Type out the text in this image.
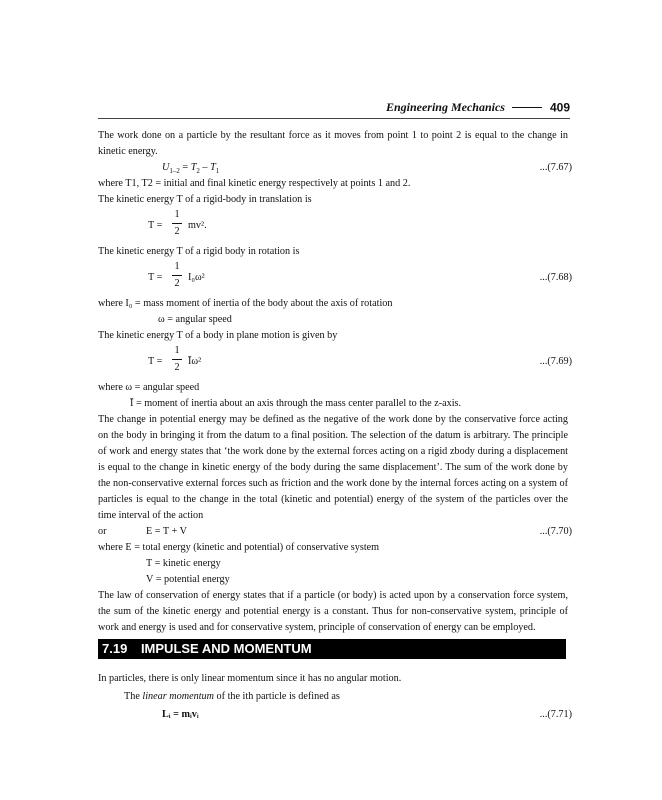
Engineering Mechanics	409

The work done on a particle by the resultant force as it moves from point 1 to point 2 is equal to the change in kinetic energy.

$U_{1-2} = T_2 - T_1$	...(7.67)

where T1, T2 = initial and final kinetic energy respectively at points 1 and 2.

The kinetic energy T of a rigid-body in translation is

T =
1
2
mv².

The kinetic energy T of a rigid body in rotation is

T =
1
2
I₀ω²	...(7.68)

where I₀ = mass moment of inertia of the body about the axis of rotation

ω = angular speed

The kinetic energy T of a body in plane motion is given by

T =
1
2
Īω²	...(7.69)

where ω = angular speed

Ī = moment of inertia about an axis through the mass center parallel to the z-axis.

The change in potential energy may be defined as the negative of the work done by the conservative force acting on the body in bringing it from the datum to a final position. The selection of the datum is arbitrary. The principle of work and energy states that ‘the work done by the external forces acting on a rigid zbody during a displacement is equal to the change in kinetic energy of the body during the same displacement’. The sum of the work done by the non-conservative external forces such as friction and the work done by the internal forces acting on a system of particles is equal to the change in the total (kinetic and potential) energy of the system of the particles over the time interval of the action

or	E = T + V	...(7.70)

where E = total energy (kinetic and potential) of conservative system

T = kinetic energy

V = potential energy

The law of conservation of energy states that if a particle (or body) is acted upon by a conservation force system, the sum of the kinetic energy and potential energy is a constant. Thus for non-conservative system, principle of work and energy is used and for conservative system, principle of conservation of energy can be employed.

7.19 IMPULSE AND MOMENTUM

In particles, there is only linear momentum since it has no angular motion.

The linear momentum of the ith particle is defined as

Lᵢ = mᵢvᵢ	...(7.71)
